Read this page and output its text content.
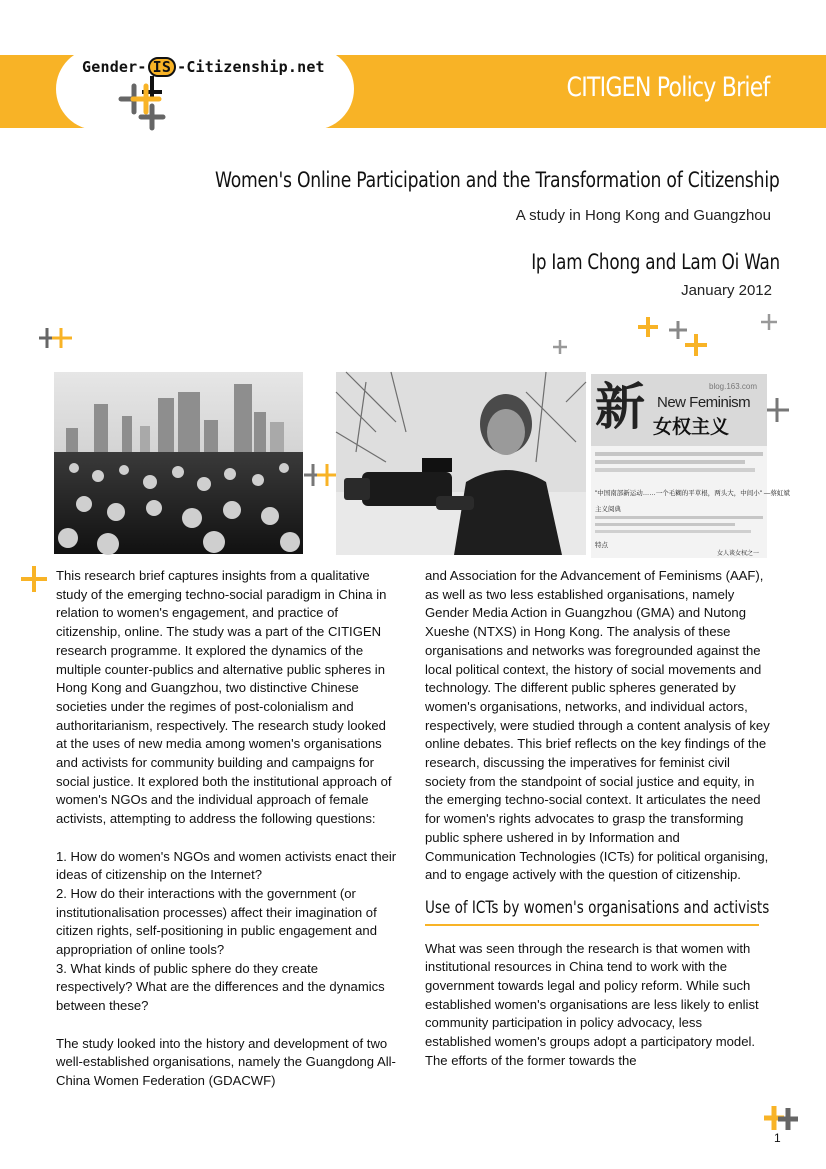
Gender- IS -Citizenship.net
CITIGEN Policy Brief
Women's Online Participation and the Transformation of Citizenship
A study in Hong Kong and Guangzhou
Ip Iam Chong and Lam Oi Wan
January 2012
新	blog.163.com
New Feminism
女权主义
"中国南部新运动……一个毛糊的平草根，两头大，中间小" —蔡虹斌
主义阅典
特点
女人谈女权之一

This research brief captures insights from a qualitative study of the emerging techno-social paradigm in China in relation to women's engagement, and practice of citizenship, online. The study was a part of the CITIGEN research programme. It explored the dynamics of the multiple counter-publics and alternative public spheres in Hong Kong and Guangzhou, two distinctive Chinese societies under the regimes of post-colonialism and authoritarianism, respectively. The research study looked at the uses of new media among women's organisations and activists for community building and campaigns for social justice. It explored both the institutional approach of women's NGOs and the individual approach of female activists, attempting to address the following questions:

1. How do women's NGOs and women activists enact their ideas of citizenship on the Internet?

2. How do their interactions with the government (or institutionalisation processes) affect their imagination of citizen rights, self-positioning in public engagement and appropriation of online tools?

3. What kinds of public sphere do they create respectively? What are the differences and the dynamics between these?

The study looked into the history and development of two well-established organisations, namely the Guangdong All-China Women Federation (GDACWF)

and Association for the Advancement of Feminisms (AAF), as well as two less established organisations, namely Gender Media Action in Guangzhou (GMA) and Nutong Xueshe (NTXS) in Hong Kong. The analysis of these organisations and networks was foregrounded against the local political context, the history of social movements and technology. The different public spheres generated by women's organisations, networks, and individual actors, respectively, were studied through a content analysis of key online debates. This brief reflects on the key findings of the research, discussing the imperatives for feminist civil society from the standpoint of social justice and equity, in the emerging techno-social context. It articulates the need for women's rights advocates to grasp the transforming public sphere ushered in by Information and Communication Technologies (ICTs) for political organising, and to engage actively with the question of citizenship.

Use of ICTs by women's organisations and activists

What was seen through the research is that women with institutional resources in China tend to work with the government towards legal and policy reform. While such established women's organisations are less likely to enlist community participation in policy advocacy, less established women's groups adopt a participatory model. The efforts of the former towards the

1
